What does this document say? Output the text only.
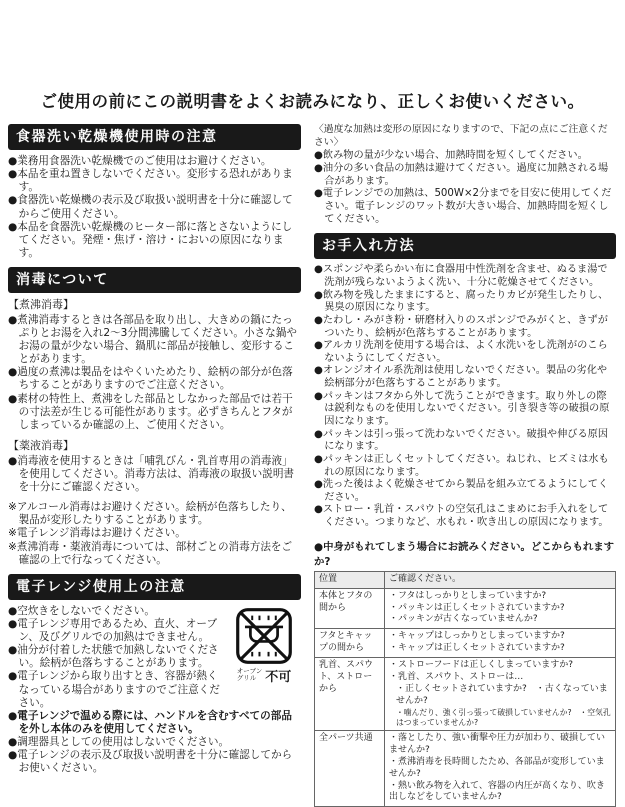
ご使用の前にこの説明書をよくお読みになり、正しくお使いください。
食器洗い乾燥機使用時の注意
●業務用食器洗い乾燥機でのご使用はお避けください。
●本品を重ね置きしないでください。変形する恐れがあります。
●食器洗い乾燥機の表示及び取扱い説明書を十分に確認してからご使用ください。
●本品を食器洗い乾燥機のヒーター部に落とさないようにしてください。発煙・焦げ・溶け・においの原因になります。
消毒について
【煮沸消毒】
●煮沸消毒するときは各部品を取り出し、大きめの鍋にたっぷりとお湯を入れ2〜3分間沸騰してください。小さな鍋やお湯の量が少ない場合、鍋肌に部品が接触し、変形することがあります。
●過度の煮沸は製品をはやくいためたり、絵柄の部分が色落ちすることがありますのでご注意ください。
●素材の特性上、煮沸をした部品としなかった部品では若干の寸法差が生じる可能性があります。必ずきちんとフタがしまっているか確認の上、ご使用ください。
【薬液消毒】
●消毒液を使用するときは「哺乳びん・乳首専用の消毒液」を使用してください。消毒方法は、消毒液の取扱い説明書を十分にご確認ください。
※アルコール消毒はお避けください。絵柄が色落ちしたり、製品が変形したりすることがあります。
※電子レンジ消毒はお避けください。
※煮沸消毒・薬液消毒については、部材ごとの消毒方法をご確認の上で行なってください。
電子レンジ使用上の注意
オーブン
グリル 不可
●空炊きをしないでください。
●電子レンジ専用であるため、直火、オーブン、及びグリルでの加熱はできません。
●油分が付着した状態で加熱しないでください。絵柄が色落ちすることがあります。
●電子レンジから取り出すとき、容器が熱くなっている場合がありますのでご注意ください。
●電子レンジで温める際には、ハンドルを含むすべての部品を外し本体のみを使用してください。
●調理器具としての使用はしないでください。
●電子レンジの表示及び取扱い説明書を十分に確認してからお使いください。
〈過度な加熱は変形の原因になりますので、下記の点にご注意ください〉
●飲み物の量が少ない場合、加熱時間を短くしてください。
●油分の多い食品の加熱は避けてください。過度に加熱される場合があります。
●電子レンジでの加熱は、500W×2分までを目安に使用してください。電子レンジのワット数が大きい場合、加熱時間を短くしてください。
お手入れ方法
●スポンジや柔らかい布に食器用中性洗剤を含ませ、ぬるま湯で洗剤が残らないようよく洗い、十分に乾燥させてください。
●飲み物を残したままにすると、腐ったりカビが発生したりし、異臭の原因になります。
●たわし・みがき粉・研磨材入りのスポンジでみがくと、きずがついたり、絵柄が色落ちすることがあります。
●アルカリ洗剤を使用する場合は、よく水洗いをし洗剤がのこらないようにしてください。
●オレンジオイル系洗剤は使用しないでください。製品の劣化や絵柄部分が色落ちすることがあります。
●パッキンはフタから外して洗うことができます。取り外しの際は鋭利なものを使用しないでください。引き裂き等の破損の原因になります。
●パッキンは引っ張って洗わないでください。破損や伸びる原因になります。
●パッキンは正しくセットしてください。ねじれ、ヒズミは水もれの原因になります。
●洗った後はよく乾燥させてから製品を組み立てるようにしてください。
●ストロー・乳首・スパウトの空気孔はこまめにお手入れをしてください。つまりなど、水もれ・吹き出しの原因になります。
●中身がもれてしまう場合にお読みください。どこからもれますか?
位置	ご確認ください。
本体とフタの間から	・フタはしっかりとしまっていますか?
・パッキンは正しくセットされていますか?
・パッキンが古くなっていませんか?

フタとキャップの間から	・キャップはしっかりとしまっていますか?
・キャップは正しくセットされていますか?

乳首、スパウト、ストローから	・ストローフードは正しくしまっていますか?
・乳首、スパウト、ストローは…
・正しくセットされていますか?　・古くなっていませんか?
・噛んだり、強く引っ張って破損していませんか?　・空気孔はつまっていませんか?

全パーツ共通	・落としたり、強い衝撃や圧力が加わり、破損していませんか?
・煮沸消毒を長時間したため、各部品が変形していませんか?
・熱い飲み物を入れて、容器の内圧が高くなり、吹き出しなどをしていませんか?
